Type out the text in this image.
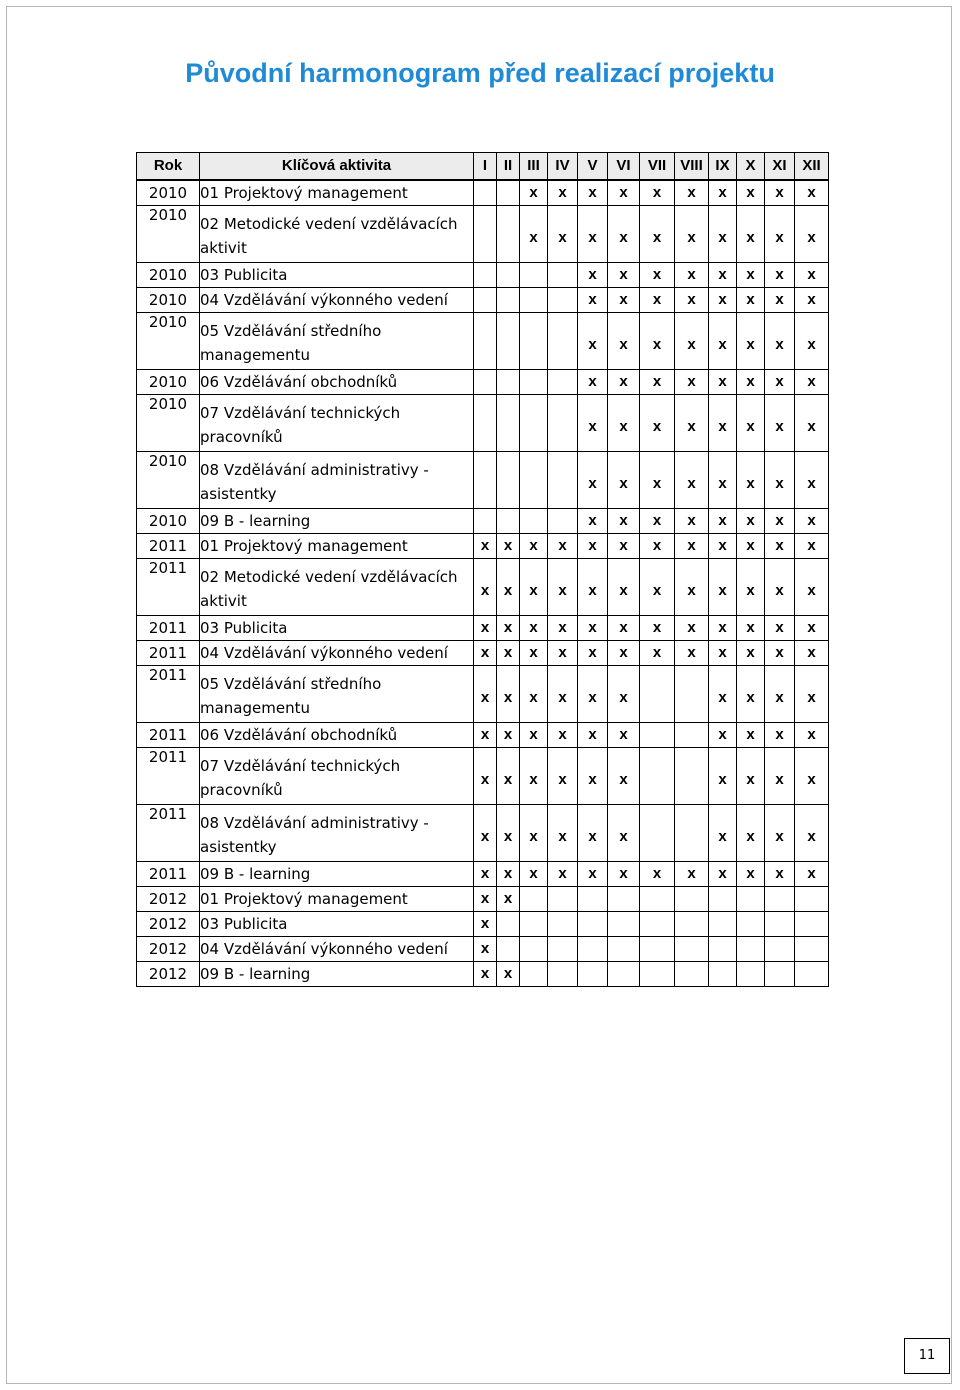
Původní harmonogram před realizací projektu
Rok	Klíčová aktivita	I	II	III	IV	V	VI	VII	VIII	IX	X	XI	XII
2010	01 Projektový management			x	x	x	x	x	x	x	x	x	x
2010	02 Metodické vedení vzdělávacích aktivit			x	x	x	x	x	x	x	x	x	x
2010	03 Publicita					x	x	x	x	x	x	x	x
2010	04 Vzdělávání výkonného vedení					x	x	x	x	x	x	x	x
2010	05 Vzdělávání středního managementu					x	x	x	x	x	x	x	x
2010	06 Vzdělávání obchodníků					x	x	x	x	x	x	x	x
2010	07 Vzdělávání technických pracovníků					x	x	x	x	x	x	x	x
2010	08 Vzdělávání administrativy - asistentky					x	x	x	x	x	x	x	x
2010	09 B - learning					x	x	x	x	x	x	x	x
2011	01 Projektový management	x	x	x	x	x	x	x	x	x	x	x	x
2011	02 Metodické vedení vzdělávacích aktivit	x	x	x	x	x	x	x	x	x	x	x	x
2011	03 Publicita	x	x	x	x	x	x	x	x	x	x	x	x
2011	04 Vzdělávání výkonného vedení	x	x	x	x	x	x	x	x	x	x	x	x
2011	05 Vzdělávání středního managementu	x	x	x	x	x	x			x	x	x	x
2011	06 Vzdělávání obchodníků	x	x	x	x	x	x			x	x	x	x
2011	07 Vzdělávání technických pracovníků	x	x	x	x	x	x			x	x	x	x
2011	08 Vzdělávání administrativy - asistentky	x	x	x	x	x	x			x	x	x	x
2011	09 B - learning	x	x	x	x	x	x	x	x	x	x	x	x
2012	01 Projektový management	x	x										
2012	03 Publicita	x											
2012	04 Vzdělávání výkonného vedení	x											
2012	09 B - learning	x	x										
11
